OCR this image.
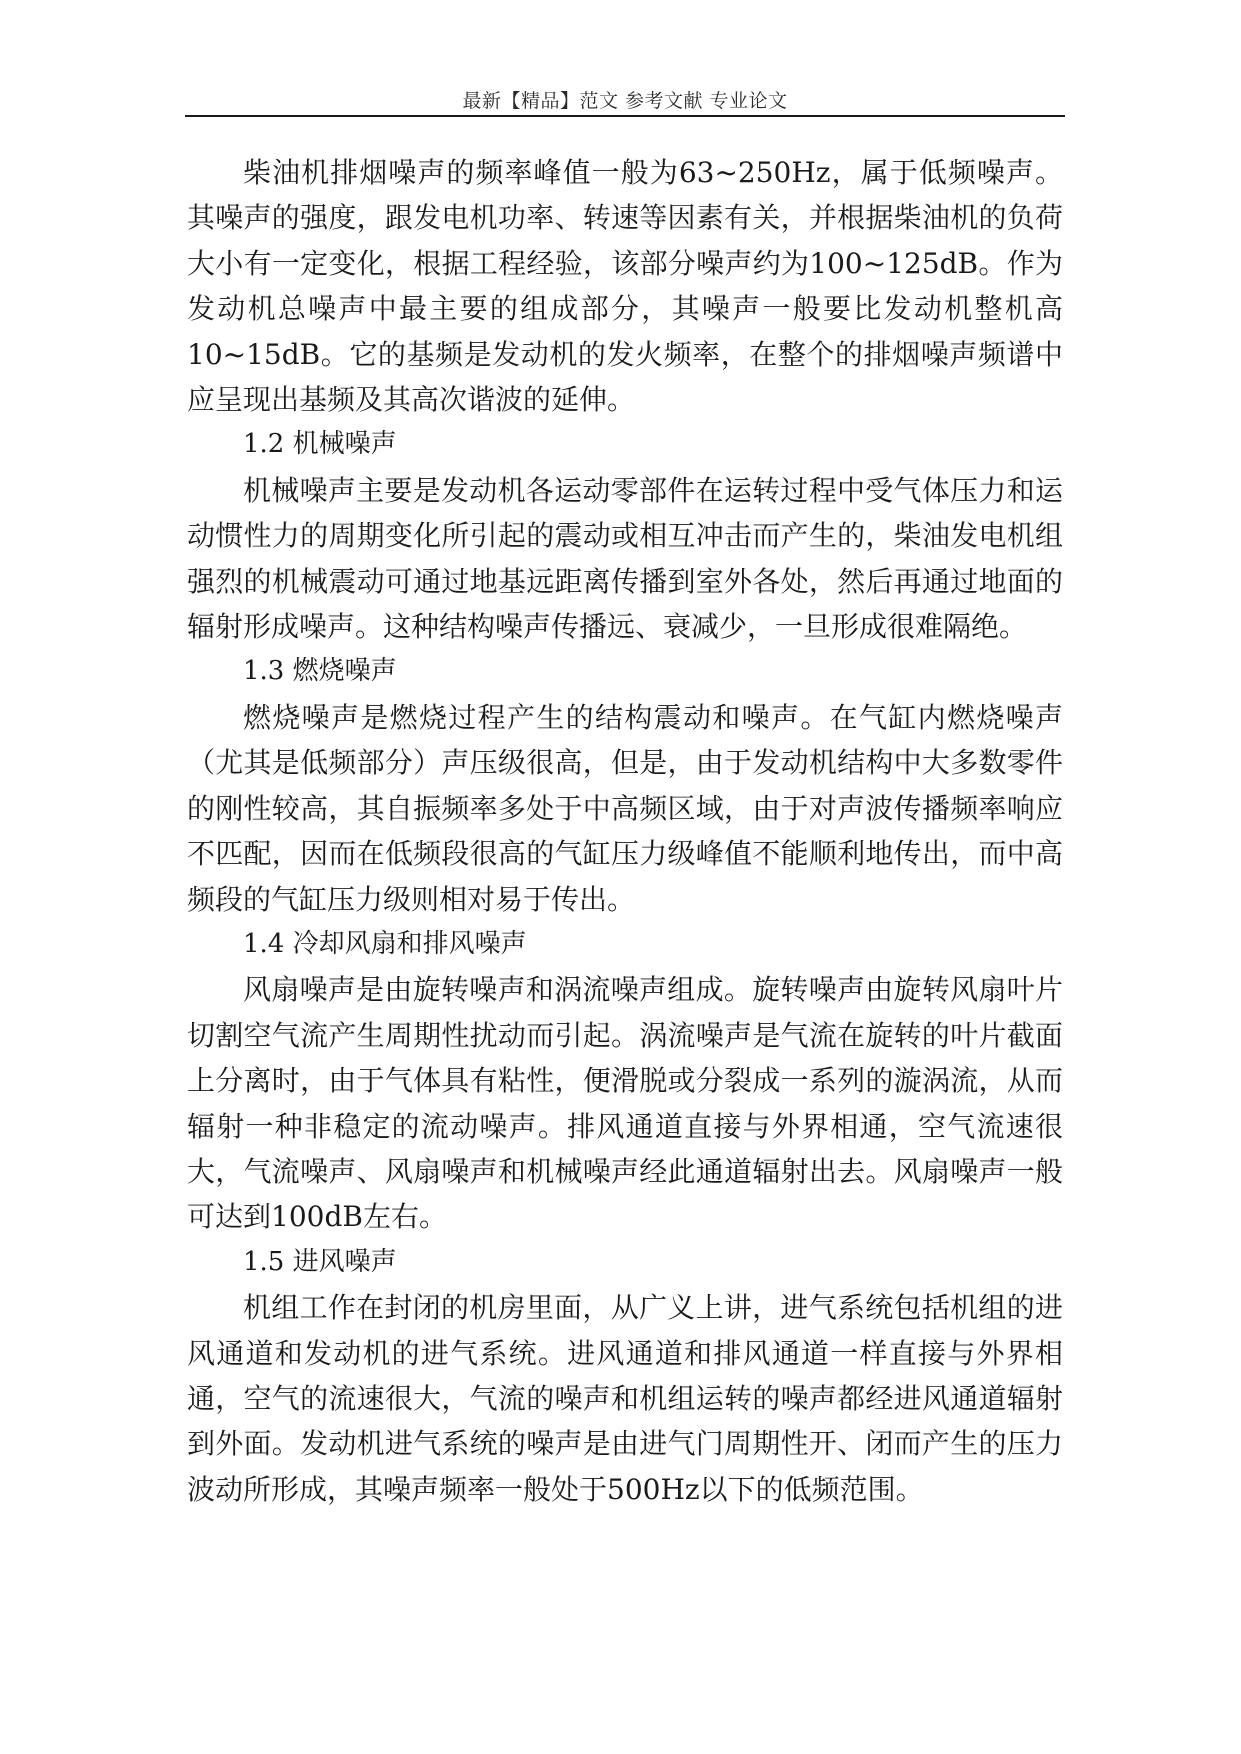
最新【精品】范文 参考文献 专业论文

柴油机排烟噪声的频率峰值一般为63~250Hz，属于低频噪声。其噪声的强度，跟发电机功率、转速等因素有关，并根据柴油机的负荷大小有一定变化，根据工程经验，该部分噪声约为100~125dB。作为发动机总噪声中最主要的组成部分，其噪声一般要比发动机整机高10~15dB。它的基频是发动机的发火频率，在整个的排烟噪声频谱中应呈现出基频及其高次谐波的延伸。

1.2 机械噪声

机械噪声主要是发动机各运动零部件在运转过程中受气体压力和运动惯性力的周期变化所引起的震动或相互冲击而产生的，柴油发电机组强烈的机械震动可通过地基远距离传播到室外各处，然后再通过地面的辐射形成噪声。这种结构噪声传播远、衰减少，一旦形成很难隔绝。

1.3 燃烧噪声

燃烧噪声是燃烧过程产生的结构震动和噪声。在气缸内燃烧噪声（尤其是低频部分）声压级很高，但是，由于发动机结构中大多数零件的刚性较高，其自振频率多处于中高频区域，由于对声波传播频率响应不匹配，因而在低频段很高的气缸压力级峰值不能顺利地传出，而中高频段的气缸压力级则相对易于传出。

1.4 冷却风扇和排风噪声

风扇噪声是由旋转噪声和涡流噪声组成。旋转噪声由旋转风扇叶片切割空气流产生周期性扰动而引起。涡流噪声是气流在旋转的叶片截面上分离时，由于气体具有粘性，便滑脱或分裂成一系列的漩涡流，从而辐射一种非稳定的流动噪声。排风通道直接与外界相通，空气流速很大，气流噪声、风扇噪声和机械噪声经此通道辐射出去。风扇噪声一般可达到100dB左右。

1.5 进风噪声

机组工作在封闭的机房里面，从广义上讲，进气系统包括机组的进风通道和发动机的进气系统。进风通道和排风通道一样直接与外界相通，空气的流速很大，气流的噪声和机组运转的噪声都经进风通道辐射到外面。发动机进气系统的噪声是由进气门周期性开、闭而产生的压力波动所形成，其噪声频率一般处于500Hz以下的低频范围。
